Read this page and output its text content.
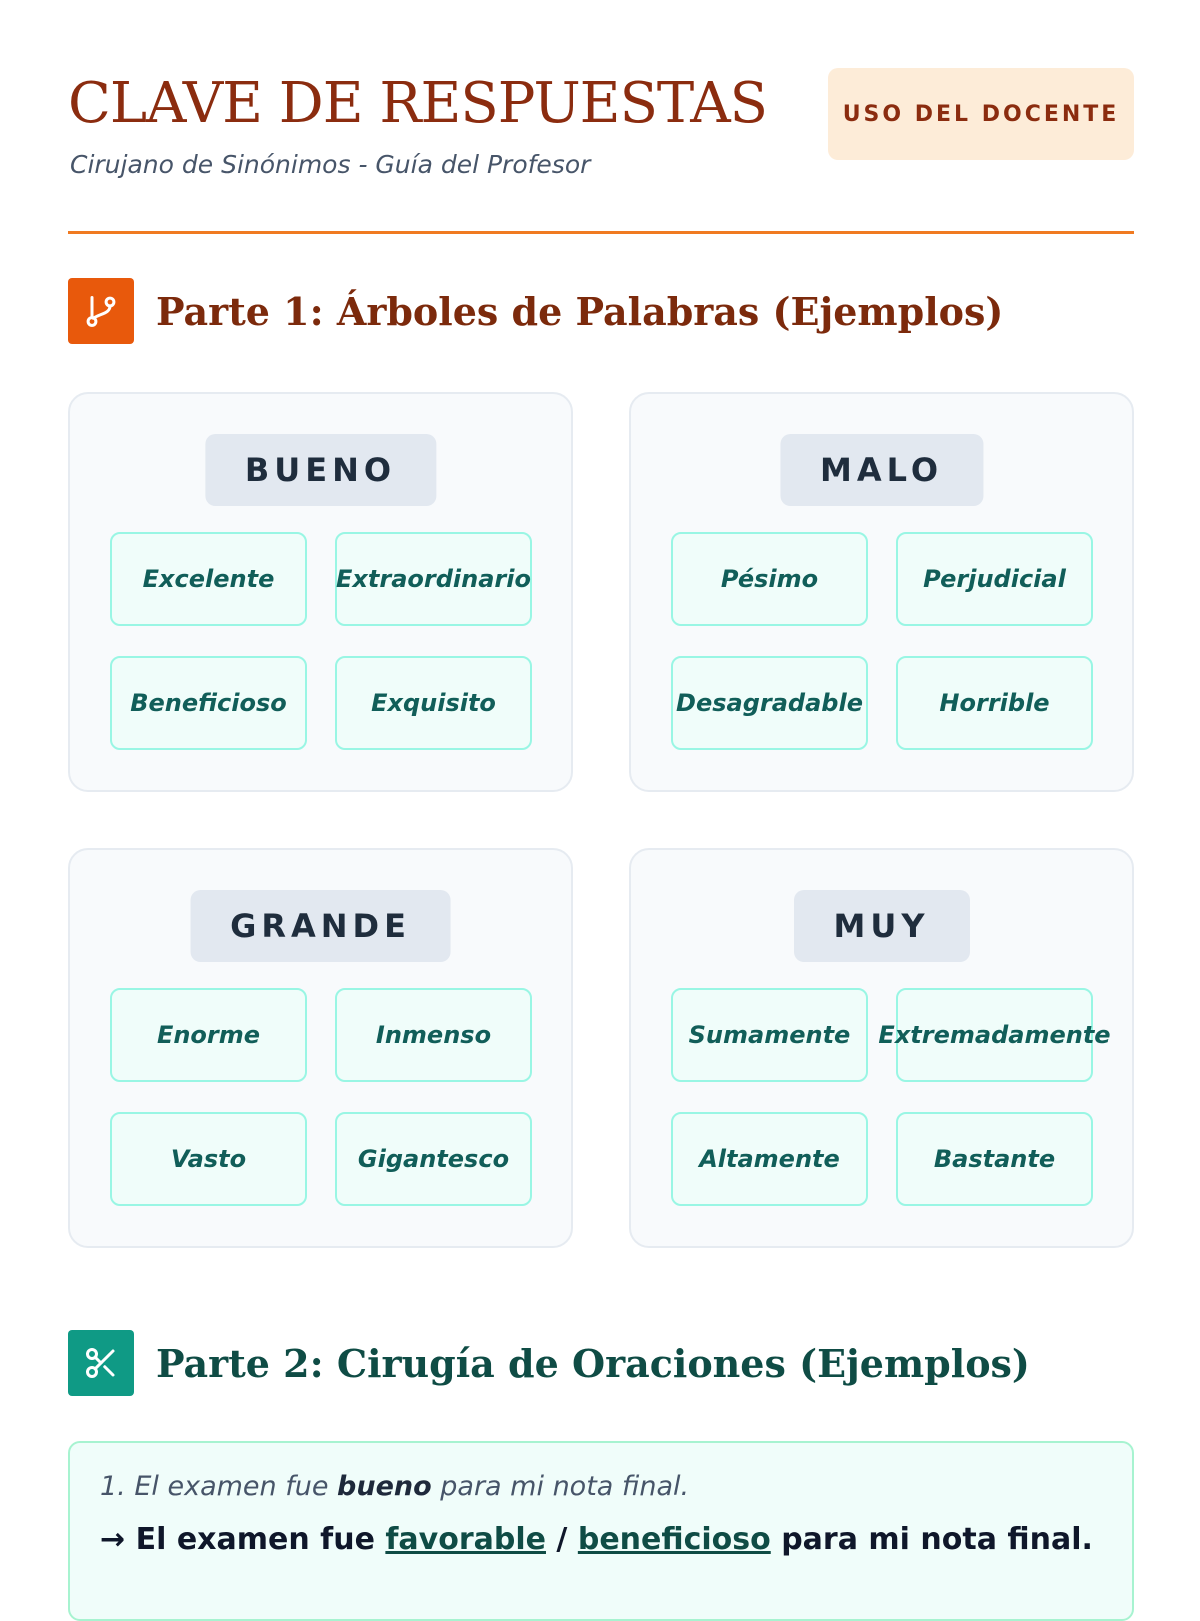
CLAVE DE RESPUESTAS
Cirujano de Sinónimos - Guía del Profesor
USO DEL DOCENTE
Parte 1: Árboles de Palabras (Ejemplos)
BUENO
Excelente	Extraordinario
Beneficioso	Exquisito
MALO
Pésimo	Perjudicial
Desagradable	Horrible
GRANDE
Enorme	Inmenso
Vasto	Gigantesco
MUY
Sumamente	Extremadamente
Altamente	Bastante
Parte 2: Cirugía de Oraciones (Ejemplos)
1. El examen fue bueno para mi nota final.
→ El examen fue favorable / beneficioso para mi nota final.
